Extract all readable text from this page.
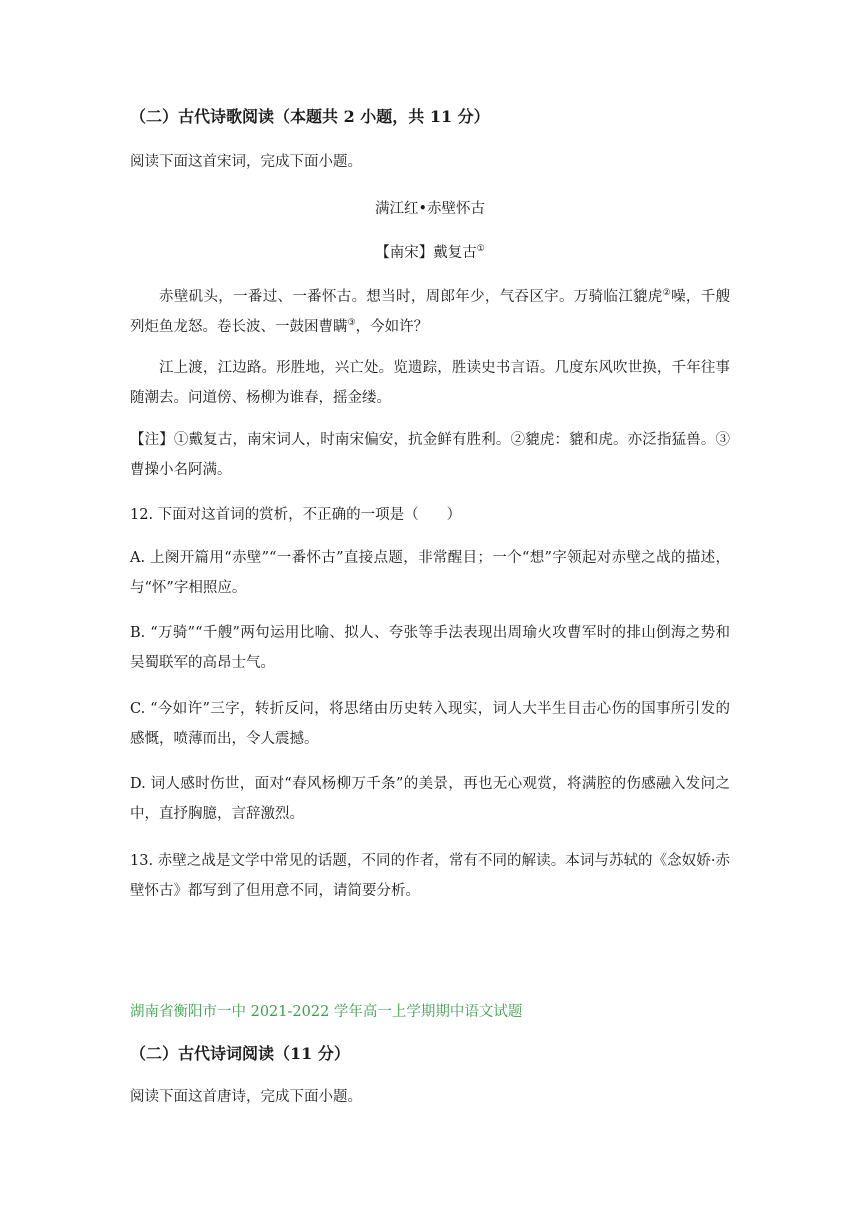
（二）古代诗歌阅读（本题共 2 小题，共 11 分）
阅读下面这首宋词，完成下面小题。
满江红•赤壁怀古
【南宋】戴复古①
赤壁矶头，一番过、一番怀古。想当时，周郎年少，气吞区宇。万骑临江貔虎②噪，千艘列炬鱼龙怒。卷长波、一鼓困曹瞒③，今如许？
江上渡，江边路。形胜地，兴亡处。览遗踪，胜读史书言语。几度东风吹世换，千年往事随潮去。问道傍、杨柳为谁春，摇金缕。
【注】①戴复古，南宋词人，时南宋偏安，抗金鲜有胜利。②貔虎：貔和虎。亦泛指猛兽。③曹操小名阿满。
12. 下面对这首词的赏析，不正确的一项是（ ）
A. 上阕开篇用“赤壁”“一番怀古”直接点题，非常醒目；一个“想”字领起对赤壁之战的描述，与“怀”字相照应。
B. “万骑”“千艘”两句运用比喻、拟人、夸张等手法表现出周瑜火攻曹军时的排山倒海之势和吴蜀联军的高昂士气。
C. “今如许”三字，转折反问，将思绪由历史转入现实，词人大半生目击心伤的国事所引发的感慨，喷薄而出，令人震撼。
D. 词人感时伤世，面对“春风杨柳万千条”的美景，再也无心观赏，将满腔的伤感融入发问之中，直抒胸臆，言辞激烈。
13. 赤壁之战是文学中常见的话题，不同的作者，常有不同的解读。本词与苏轼的《念奴娇·赤壁怀古》都写到了但用意不同，请简要分析。
湖南省衡阳市一中 2021-2022 学年高一上学期期中语文试题
（二）古代诗词阅读（11 分）
阅读下面这首唐诗，完成下面小题。
